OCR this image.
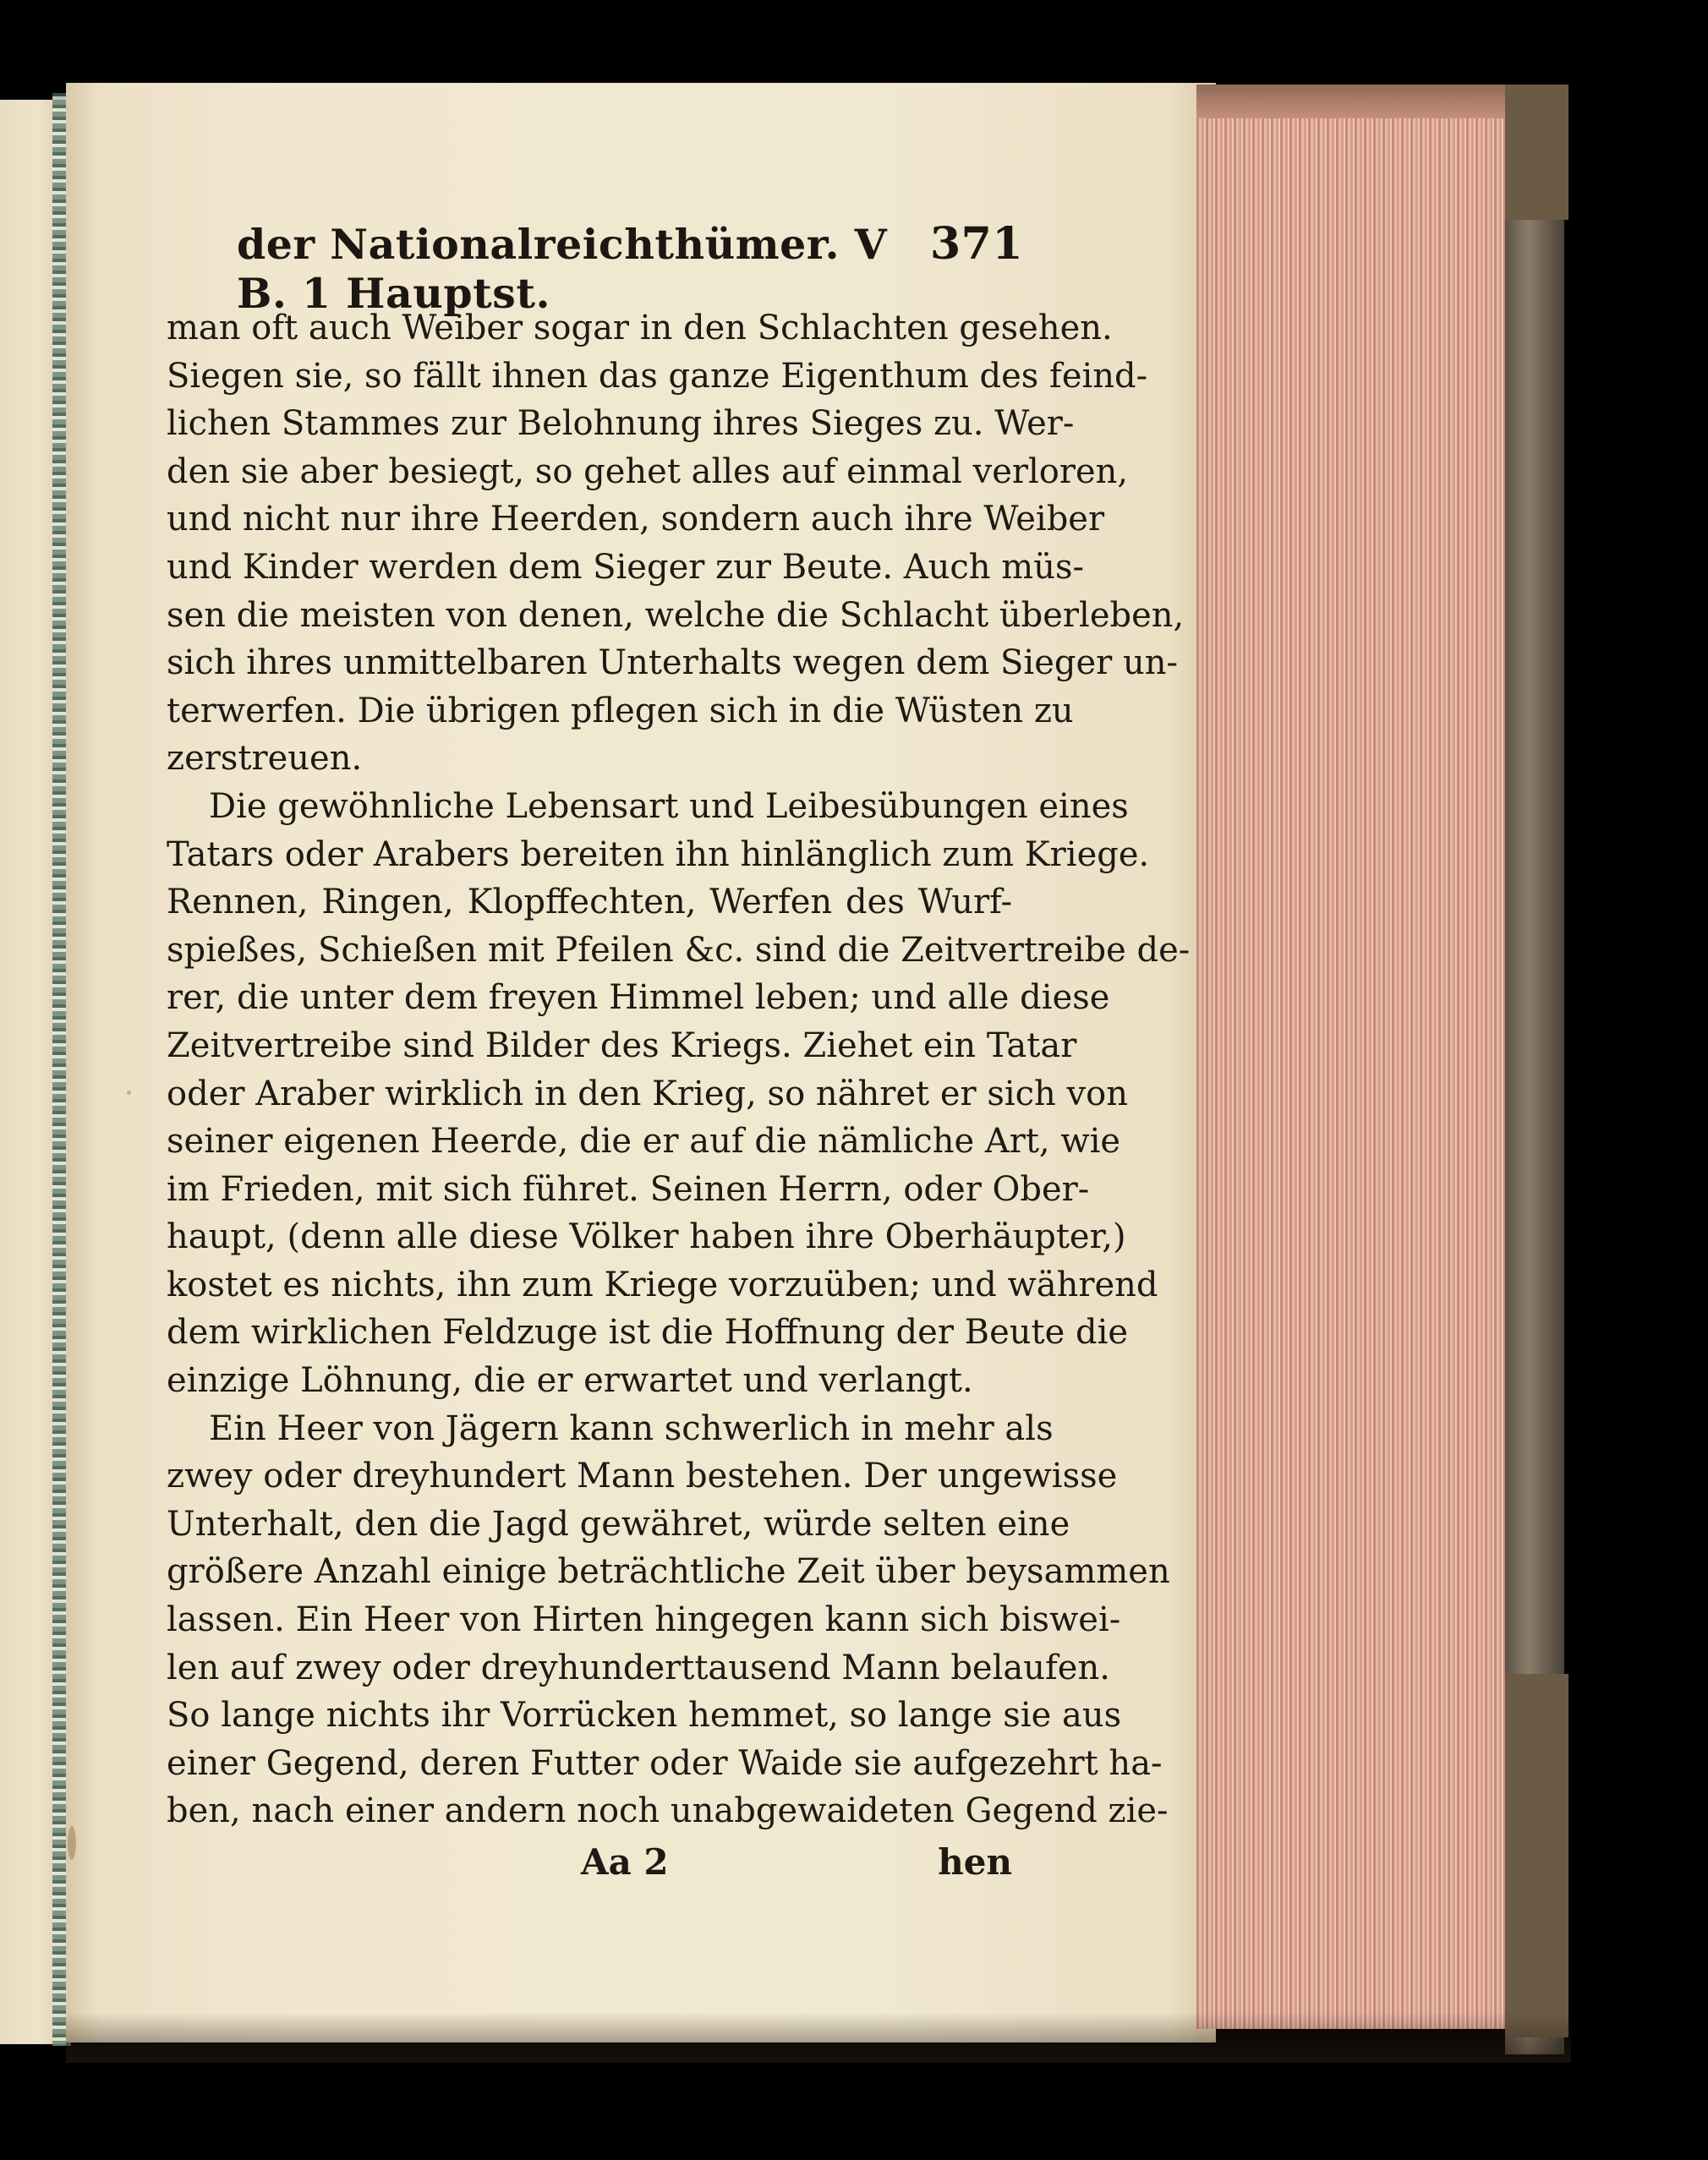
der Nationalreichthümer. V B. 1 Hauptst.
371
man oft auch Weiber sogar in den Schlachten gesehen.
Siegen sie, so fällt ihnen das ganze Eigenthum des feind-
lichen Stammes zur Belohnung ihres Sieges zu. Wer-
den sie aber besiegt, so gehet alles auf einmal verloren,
und nicht nur ihre Heerden, sondern auch ihre Weiber
und Kinder werden dem Sieger zur Beute. Auch müs-
sen die meisten von denen, welche die Schlacht überleben,
sich ihres unmittelbaren Unterhalts wegen dem Sieger un-
terwerfen. Die übrigen pflegen sich in die Wüsten zu
zerstreuen.
Die gewöhnliche Lebensart und Leibesübungen eines
Tatars oder Arabers bereiten ihn hinlänglich zum Kriege.
Rennen, Ringen, Klopffechten, Werfen des Wurf-
spießes, Schießen mit Pfeilen &c. sind die Zeitvertreibe de-
rer, die unter dem freyen Himmel leben; und alle diese
Zeitvertreibe sind Bilder des Kriegs. Ziehet ein Tatar
oder Araber wirklich in den Krieg, so nähret er sich von
seiner eigenen Heerde, die er auf die nämliche Art, wie
im Frieden, mit sich führet. Seinen Herrn, oder Ober-
haupt, (denn alle diese Völker haben ihre Oberhäupter,)
kostet es nichts, ihn zum Kriege vorzuüben; und während
dem wirklichen Feldzuge ist die Hoffnung der Beute die
einzige Löhnung, die er erwartet und verlangt.
Ein Heer von Jägern kann schwerlich in mehr als
zwey oder dreyhundert Mann bestehen. Der ungewisse
Unterhalt, den die Jagd gewähret, würde selten eine
größere Anzahl einige beträchtliche Zeit über beysammen
lassen. Ein Heer von Hirten hingegen kann sich biswei-
len auf zwey oder dreyhunderttausend Mann belaufen.
So lange nichts ihr Vorrücken hemmet, so lange sie aus
einer Gegend, deren Futter oder Waide sie aufgezehrt ha-
ben, nach einer andern noch unabgewaideten Gegend zie-
Aa 2	hen
